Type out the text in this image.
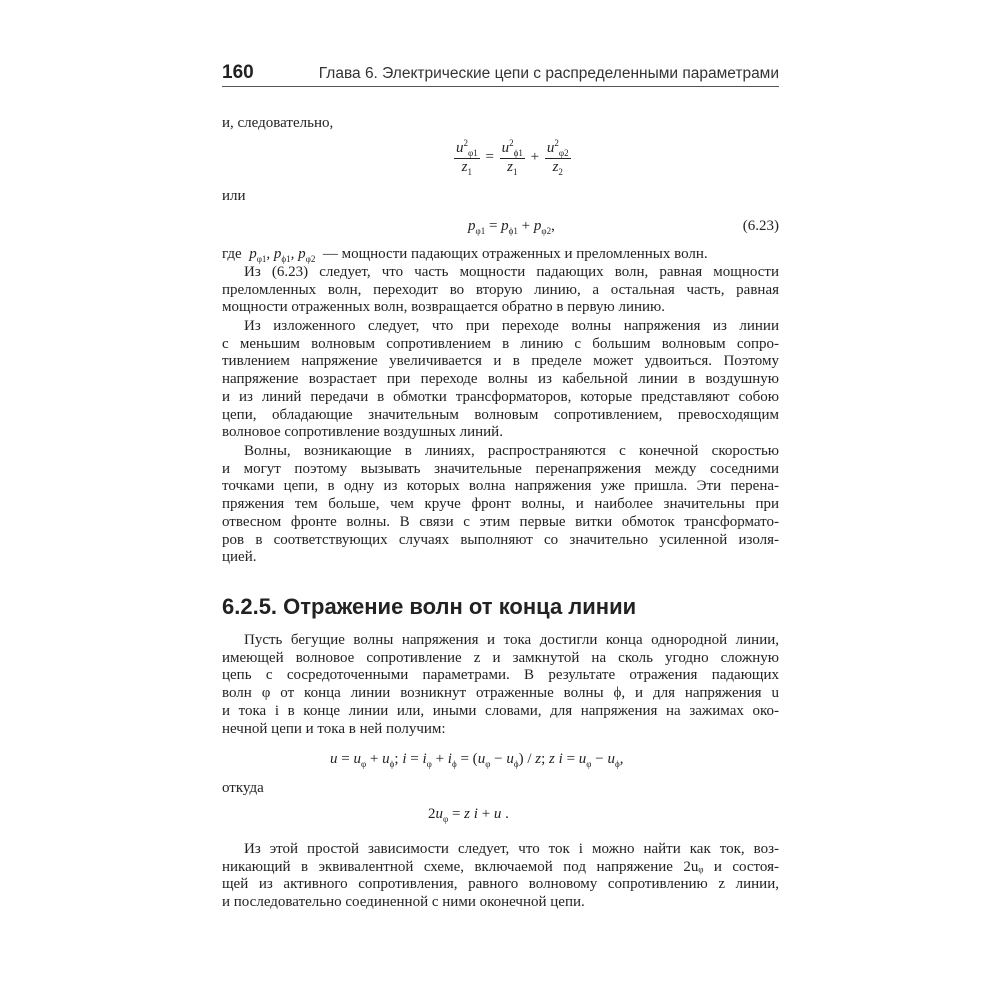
160	Глава 6. Электрические цепи с распределенными параметрами
и, следовательно,
$\frac{u^2_{\varphi 1}}{z_1} = \frac{u^2_{\phi 1}}{z_1} + \frac{u^2_{\varphi 2}}{z_2}$
или
$p_{\varphi 1} = p_{\phi 1} + p_{\varphi 2}$,	(6.23)
где  $p_{\varphi 1}$, $p_{\phi 1}$, $p_{\varphi 2}$ — мощности падающих отраженных и преломленных волн.
Из (6.23) следует, что часть мощности падающих волн, равная мощности
преломленных волн, переходит во вторую линию, а остальная часть, равная
мощности отраженных волн, возвращается обратно в первую линию.
Из изложенного следует, что при переходе волны напряжения из линии
с меньшим волновым сопротивлением в линию с большим волновым сопро-
тивлением напряжение увеличивается и в пределе может удвоиться. Поэтому
напряжение возрастает при переходе волны из кабельной линии в воздушную
и из линий передачи в обмотки трансформаторов, которые представляют собою
цепи, обладающие значительным волновым сопротивлением, превосходящим
волновое сопротивление воздушных линий.
Волны, возникающие в линиях, распространяются с конечной скоростью
и могут поэтому вызывать значительные перенапряжения между соседними
точками цепи, в одну из которых волна напряжения уже пришла. Эти перена-
пряжения тем больше, чем круче фронт волны, и наиболее значительны при
отвесном фронте волны. В связи с этим первые витки обмоток трансформато-
ров в соответствующих случаях выполняют со значительно усиленной изоля-
цией.
6.2.5. Отражение волн от конца линии
Пусть бегущие волны напряжения и тока достигли конца однородной линии,
имеющей волновое сопротивление z и замкнутой на сколь угодно сложную
цепь с сосредоточенными параметрами. В результате отражения падающих
волн φ от конца линии возникнут отраженные волны ϕ, и для напряжения u
и тока i в конце линии или, иными словами, для напряжения на зажимах око-
нечной цепи и тока в ней получим:
$u = u_\varphi + u_\phi$; $i = i_\varphi + i_\phi = (u_\varphi - u_\phi) / z$; z $i = u_\varphi - u_\phi$,
откуда
$2u_\varphi = z$ i + u .
Из этой простой зависимости следует, что ток i можно найти как ток, воз-
никающий в эквивалентной схеме, включаемой под напряжение 2uᵩ и состоя-
щей из активного сопротивления, равного волновому сопротивлению z линии,
и последовательно соединенной с ними оконечной цепи.
